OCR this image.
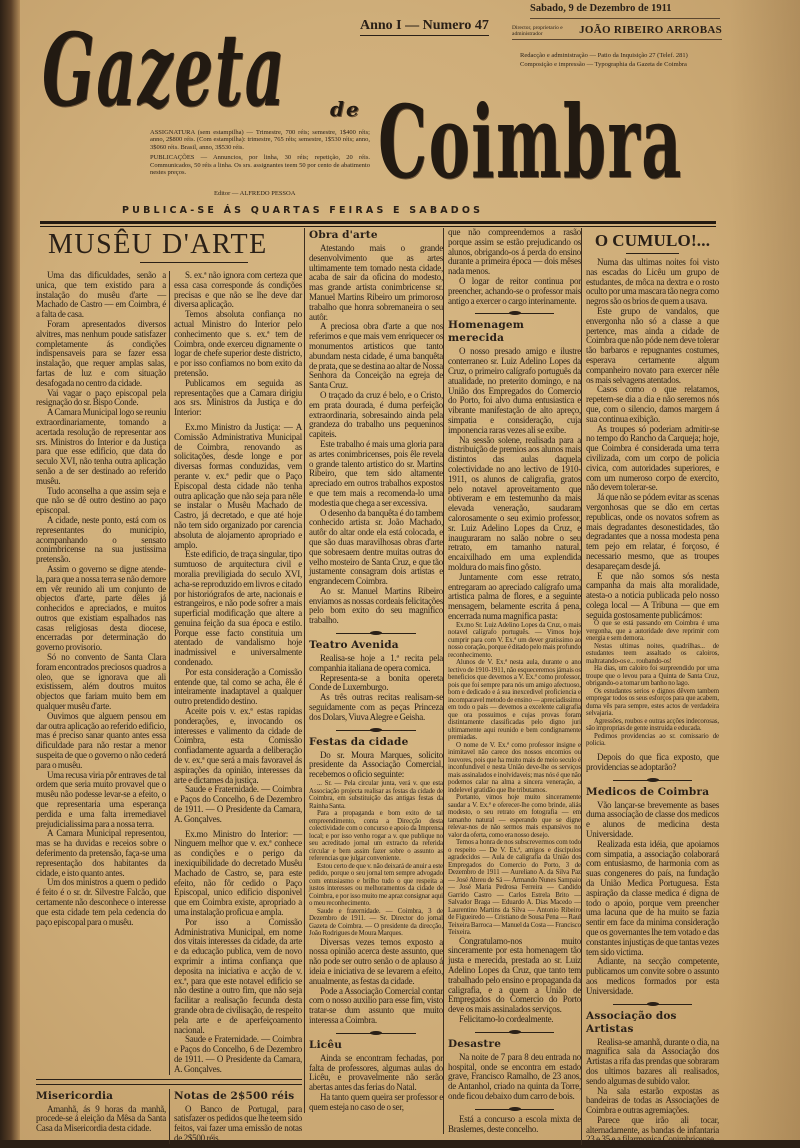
Gazeta de Coimbra
Anno I — Numero 47
Sabado, 9 de Dezembro de 1911
Director, proprietario e administrador	JOÃO RIBEIRO ARROBAS
Redacção e administração — Patio da Inquisição 27 (Telef. 281)
Composição e impressão — Typographia da Gazeta de Coimbra
ASSIGNATURA (sem estampilha) — Trimestre, 700 réis; semestre, 1$400 réis; anno, 2$800 réis. (Com estampilha): trimestre, 765 réis; semestre, 1$530 réis; anno, 3$060 réis. Brasil, anno, 3$530 réis.
PUBLICAÇÕES — Annuncios, por linha, 30 réis; repetição, 20 réis. Communicados, 50 réis a linha. Os srs. assignantes teem 50 por cento de abatimento nestes preços.
Editor — ALFREDO PESSOA
PUBLICA-SE ÁS QUARTAS FEIRAS E SABADOS
MUSÊU D'ARTE

Uma das dificuldades, senão a unica, que tem existido para a instalação do musêu d'arte — Machado de Castro — em Coimbra, é a falta de casa.

Foram apresentados diversos alvitres, mas nenhum poude satisfazer completamente ás condições indispensaveis para se fazer essa instalação, que requer amplas salas, fartas de luz e com situação desafogada no centro da cidade.

Vai vagar o paço episcopal pela resignação do sr. Bispo Conde.

A Camara Municipal logo se reuniu extraordinariamente, tomando a acertada resolução de representar aos srs. Ministros do Interior e da Justiça para que esse edificio, que data do seculo XVI, não tenha outra aplicação senão a de ser destinado ao referido musêu.

Tudo aconselha a que assim seja e que não se dê outro destino ao paço episcopal.

A cidade, neste ponto, está com os representantes do municipio, acompanhando o sensato conimbricense na sua justissima pretensão.

Assim o governo se digne atende-la, para que a nossa terra se não demore em vêr reunido ali um conjunto de objectos d'arte, parte dêles já conhecidos e apreciados, e muitos outros que existiam espalhados nas casas religiosas desta diocese, encerradas por determinação do governo provisorio.

Só no convento de Santa Clara foram encontrados preciosos quadros a oleo, que se ignorava que ali existissem, além doutros muitos objectos que fariam muito bem em qualquer musêu d'arte.

Ouvimos que alguem pensou em dar outra aplicação ao referido edificio, mas é preciso sanar quanto antes essa dificuldade para não restar a menor suspeita de que o governo o não cederá para o musêu.

Uma recusa viria pôr entraves de tal ordem que seria muito provavel que o musêu não podesse levar-se a efeito, o que representaria uma esperança perdida e uma falta irremediavel prejudicialissima para a nossa terra.

A Camara Municipal representou, mas se ha duvidas e receios sobre o deferimento da pretensão, faça-se uma representação dos habitantes da cidade, e isto quanto antes.

Um dos ministros a quem o pedido é feito é o sr. dr. Silvestre Falcão, que certamente não desconhece o interesse que esta cidade tem pela cedencia do paço episcopal para o musêu.

S. ex.ª não ignora com certeza que essa casa corresponde ás condições precisas e que não se lhe deve dar diversa aplicação.

Temos absoluta confiança no actual Ministro do Interior pelo conhecimento que s. ex.ª tem de Coimbra, onde exerceu dignamente o logar de chefe superior deste districto, e por isso confiamos no bom exito da pretensão.

Publicamos em seguida as representações que a Camara dirigiu aos srs. Ministros da Justiça e do Interior:

Ex.mo Ministro da Justiça: — A Comissão Administrativa Municipal de Coimbra, renovando as solicitações, desde longe e por diversas formas conduzidas, vem perante v. ex.ª pedir que o Paço Episcopal desta cidade não tenha outra aplicação que não seja para nêle se instalar o Musêu Machado de Castro, já decretado, e que até hoje não tem sido organizado por carencia absoluta de alojamento apropriado e amplo.

Este edificio, de traça singular, tipo sumtuoso de arquitectura civil e moralia previligiada do seculo XVI, acha-se reproduzido em livros e citado por historiógrafos de arte, nacionais e estrangeiros, e não pode sofrer a mais superficial modificação que altere a genuina feição da sua época e estilo. Porque esse facto constituia um atentado de vandalismo hoje inadmissivel e universalmente condenado.

Por esta consideração a Comissão entende que, tal como se acha, êle é inteiramente inadaptavel a qualquer outro pretendido destino.

Aceite pois v. ex.ª estas rapidas ponderações, e, invocando os interesses e valimento da cidade de Coimbra, esta Comissão confiadamente aguarda a deliberação de v. ex.ª que será a mais favoravel ás aspirações da opinião, interesses da arte e dictames da justiça.

Saude e Fraternidade. — Coimbra e Paços do Concelho, 6 de Dezembro de 1911. — O Presidente da Camara, A. Gonçalves.

Ex.mo Ministro do Interior: — Ninguem melhor que v. ex.ª conhece as condições e o perigo da inexiquibilidade do decretado Musêu Machado de Castro, se, para este efeito, não fôr cedido o Paço Episcopal, unico edificio disponivel que em Coimbra existe, apropriado a uma instalação proficua e ampla.

Por isso a Comissão Administrativa Municipal, em nome dos vitais interesses da cidade, da arte e da educação publica, vem de novo exprimir a intima confiança que deposita na iniciativa e acção de v. ex.ª, para que este notavel edificio se não destine a outro fim, que não seja facilitar a realisação fecunda desta grande obra de civilisação, de respeito pela arte e de aperfeiçoamento nacional.

Saude e Fraternidade. — Coimbra e Paços do Concelho, 6 de Dezembro de 1911. — O Presidente da Camara, A. Gonçalves.

Misericordia

Amanhã, ás 9 horas da manhã, procede-se á eleição da Mêsa da Santa Casa da Misericordia desta cidade.

Notas de 2$500 réis

O Banco de Portugal, para satisfazer os pedidos que lhe teem sido feitos, vai fazer uma emissão de notas de 2$500 réis.

Obra d'arte

Atestando mais o grande desenvolvimento que as artes ultimamente tem tomado nesta cidade, acaba de sair da oficina do modesto, mas grande artista conimbricense sr. Manuel Martins Ribeiro um primoroso trabalho que honra sobremaneira o seu autôr.

A preciosa obra d'arte a que nos referimos e que mais vem enriquecer os monumentos artisticos que tanto abundam nesta cidade, é uma banquêta de prata, que se destina ao altar de Nossa Senhora da Conceição na egreja de Santa Cruz.

O traçado da cruz é belo, e o Cristo, em prata dourada, é duma perfeição extraordinaria, sobresaindo ainda pela grandeza do trabalho uns pequeninos capiteis.

Este trabalho é mais uma gloria para as artes conimbricenses, pois êle revela o grande talento artistico do sr. Martins Ribeiro, que tem sido altamente apreciado em outros trabalhos expostos e que tem mais a recomenda-lo uma modestia que chega a ser excessiva.

O desenho da banquêta é do tambem conhecido artista sr. João Machado, autôr do altar onde ela está colocada, e que são duas maravilhosas obras d'arte que sobresaem dentre muitas outras do velho mosteiro de Santa Cruz, e que tão justamente consagram dois artistas e engrandecem Coimbra.

Ao sr. Manuel Martins Ribeiro enviamos as nossas cordeais felicitações pelo bom exito do seu magnifico trabalho.

Teatro Avenida

Realisa-se hoje a 1.ª recita pela companhia italiana de opera comica.

Representa-se a bonita opereta Conde de Luxemburgo.

As três outras recitas realisam-se seguidamente com as peças Princeza dos Dolars, Viuva Alegre e Geisha.

Festas da cidade

Do sr. Moura Marques, solicito presidente da Associação Comercial, recebemos o oficio seguinte:

... Sr. — Pela circular junta, verá v. que esta Associação projecta realisar as festas da cidade de Coimbra, em substituição das antigas festas da Rainha Santa.

Para a propaganda e bom exito de tal empreendimento, conta a Direcção desta colectividade com o concurso e apoio da Imprensa local; e por isso venho rogar a v. que publique no seu acreditado jornal um extracto da referida circular e bem assim fazer sobre o assunto as referencias que julgar conveniente.

Estou certo de que v. não deixará de anuir a este pedido, porque o seu jornal tem sempre advogado com entusiasmo e brilho tudo o que respeita a justos interesses ou melhoramentos da cidade de Coimbra, e por isso muito me apraz consignar aqui o meu reconhecimento.

Saude e fraternidade. — Coimbra, 3 de Dezembro de 1911. — Sr. Director do jornal Gazeta de Coimbra. — O presidente da direcção, João Rodrigues de Moura Marques.

Diversas vezes temos exposto a nossa opinião acerca deste assunto, que não pode ser outro senão o de aplauso á ideia e iniciativa de se levarem a efeito, anualmente, as festas da cidade.

Pode a Associação Comercial contar com o nosso auxilio para esse fim, visto tratar-se dum assunto que muito interessa a Coimbra.

Licêu

Ainda se encontram fechadas, por falta de professores, algumas aulas do Licêu, e provavelmente não serão abertas antes das ferias do Natal.

Ha tanto quem queira ser professor e quem esteja no caso de o ser,

que não compreendemos a rasão porque assim se estão prejudicando os alunos, obrigando-os á perda do ensino durante a primeira época — dois mêses nada menos.

O logar de reitor continua por preencher, achando-se o professor mais antigo a exercer o cargo interinamente.

Homenagem merecida

O nosso presado amigo e ilustre conterraneo sr. Luiz Adelino Lopes da Cruz, o primeiro calígrafo português da atualidade, no preterito domingo, e na União dos Empregados do Comercio do Porto, foi alvo duma entusiastica e vibrante manifestação de alto apreço, simpatia e consideração, cuja imponencia raras vezes ali se exibe.

Na sessão solene, realisada para a distribuição de premios aos alunos mais distintos das aulas daquela colectividade no ano lectivo de 1910-1911, os alunos de caligrafia, gratos pelo notavel aproveitamento que obtiveram e em testemunho da mais elevada veneração, saudaram calorosamente o seu eximio professor, sr. Luiz Adelino Lopes da Cruz, e inauguraram no salão nobre o seu retrato, em tamanho natural, encaixilhado em uma explendida moldura do mais fino gôsto.

Juntamente com esse retrato, entregaram ao apreciado calígrafo uma artistica palma de flores, e a seguinte mensagem, belamente escrita á pena, encerrada numa magnifica pasta:

Ex.mo Sr. Luiz Adelino Lopes da Cruz, o mais notavel calígrafo português. — Vimos hoje cumprir para com V. Ex.ª um dever gratissimo ao nosso coração, porque é ditado pelo mais profundo reconhecimento.

Alunos de V. Ex.ª nesta aula, durante o ano lectivo de 1910-1911, não esqueceremos jámais os beneficios que devemos a V. Ex.ª como professor, pois que foi sempre para nós um amigo afectuoso, bom e dedicado e á sua inexcedivel proficiencia e incomparavel metodo de ensino — apreciadissimo em todo o país — devemos a excelente caligrafia que ora possuimos e cujas provas foram distintamente classificadas pelo digno juri ultimamente aqui reunido e bem condignamente premiadas.

O nome de V. Ex.ª como professor insigne e inimitavel não carece dos nossos encomios ou louvores, pois que ha muito mais de meio seculo é inconfundivel e nesta União deve-lhe os serviços mais assinalados e inolvidaveis; mas nós é que não podemos calar na alma a sincera veneração, a indelevel gratidão que lhe tributamos.

Portanto, vimos hoje muito sinceramente saudar a V. Ex.ª e oferecer-lhe como brinde, aliás modesto, o seu retrato em fotografia — em tamanho natural — esperando que se digne relevar-nos de não sermos mais expansivos no valor da oferta, como era nosso desejo.

Temos a honra de nos subscrevermos com todo o respeito — De V. Ex.ª, amigos e discipulos agradecidos — Aula de caligrafia da União dos Empregados do Comercio do Porto, 3 de Dezembro de 1911 — Aureliano A. da Silva Paz — José Abreu de Sá — Armando Nunes Sampaio — José Maria Pedrosa Ferreira — Candido Garrido Castro — Carlos Estrela Brito — Salvador Braga — Eduardo A. Dias Macedo — Laurentino Martins da Silva — Antonio Ribeiro de Figueiredo — Cristiano de Sousa Pena — Raul Teixeira Barroca — Manuel da Costa — Francisco Teixeira.

Congratulamo-nos muito sinceramente por esta homenagem tão justa e merecida, prestada ao sr. Luiz Adelino Lopes da Cruz, que tanto tem trabalhado pelo ensino e propaganda da caligrafia, e a quem a União de Empregados do Comercio do Porto deve os mais assinalados serviços.

Felicitamo-lo cordealmente.

Desastre

Na noite de 7 para 8 deu entrada no hospital, onde se encontra em estado grave, Francisco Ramalho, de 23 anos, de Antanhol, criado na quinta da Torre, onde ficou debaixo dum carro de bois.

Está a concurso a escola mixta de Braslemes, deste concelho.

O CUMULO!...

Numa das ultimas noites foi visto nas escadas do Licêu um grupo de estudantes, de môca na dextra e o rosto oculto por uma mascara tão negra como negros são os brios de quem a usava.

Este grupo de vandalos, que envergonha não só a classe a que pertence, mas ainda a cidade de Coimbra que não póde nem deve tolerar tão barbaros e repugnantes costumes, esperava certamente algum companheiro novato para exercer nêle os mais selvagens atentados.

Casos como o que relatamos, repetem-se dia a dia e não seremos nós que, com o silencio, damos margem á sua continua exibição.

As troupes só poderiam admitir-se no tempo do Rancho da Carqueja; hoje, que Coimbra é considerada uma terra civilizada, com um corpo de policia civica, com autoridades superiores, e com um numeroso corpo de exercito, não devem tolerar-se.

Já que não se pódem evitar as scenas vergonhosas que se dão em certas republicas, onde os novatos sofrem as mais degradantes desonestidades, tão degradantes que a nossa modesta pena tem pejo em relatar, é forçoso, é necessario mesmo, que as troupes desapareçam desde já.

E que não somos sós nesta campanha da mais alta moralidade, atesta-o a noticia publicada pelo nosso colega local — A Tribuna — que em seguida gostosamente publicámos:

O que se está passando em Coimbra é uma vergonha, que a autoridade deve reprimir com energia e sem demora.

Nestas ultimas noites, quadrilhas... de estudantes teem assaltado os caloiros, maltratando-os e... roubando-os!

Ha dias, um caloiro foi surpreendido por uma troupe que o levou para a Quinta de Santa Cruz, obrigando-o a tomar um banho no lago.

Os estudantes serios e dignos dêvem tambem empregar todos os seus esforços para que acabem, duma vês para sempre, estes actos de verdadeira selvajaria.

Agressões, roubos e outras acções indecorosas, são improprias de gente instruida e educada.

Pedimos providencias ao sr. comissario de policia.

Depois do que fica exposto, que providencias se adoptarão?

Medicos de Coimbra

Vão lançar-se brevemente as bases duma associação de classe dos medicos e alunos de medicina desta Universidade.

Realizada esta idéia, que apoiamos com simpatia, a associação colaborará com entusiasmo, de harmonia com as suas congeneres do país, na fundação da União Medica Portuguesa. Esta aspiração da classe medica é digna de todo o apoio, porque vem preencher uma lacuna que de ha muito se fazia sentir em face da minima consideração que os governantes lhe tem votado e das constantes injustiças de que tantas vezes tem sido victima.

Adiante, na secção competente, publicamos um convite sobre o assunto aos medicos formados por esta Universidade.

Associação dos Artistas

Realisa-se amanhã, durante o dia, na magnifica sala da Associação dos Artistas a rifa das prendas que sobraram dos ultimos bazares ali realisados, sendo algumas de subido valor.

Na sala estarão expostas as bandeiras de todas as Associações de Coimbra e outras agremiações.

Parece que irão ali tocar, alternadamente, as bandas de infantaria 23 e 35 e a filarmonica Conimbricense.
